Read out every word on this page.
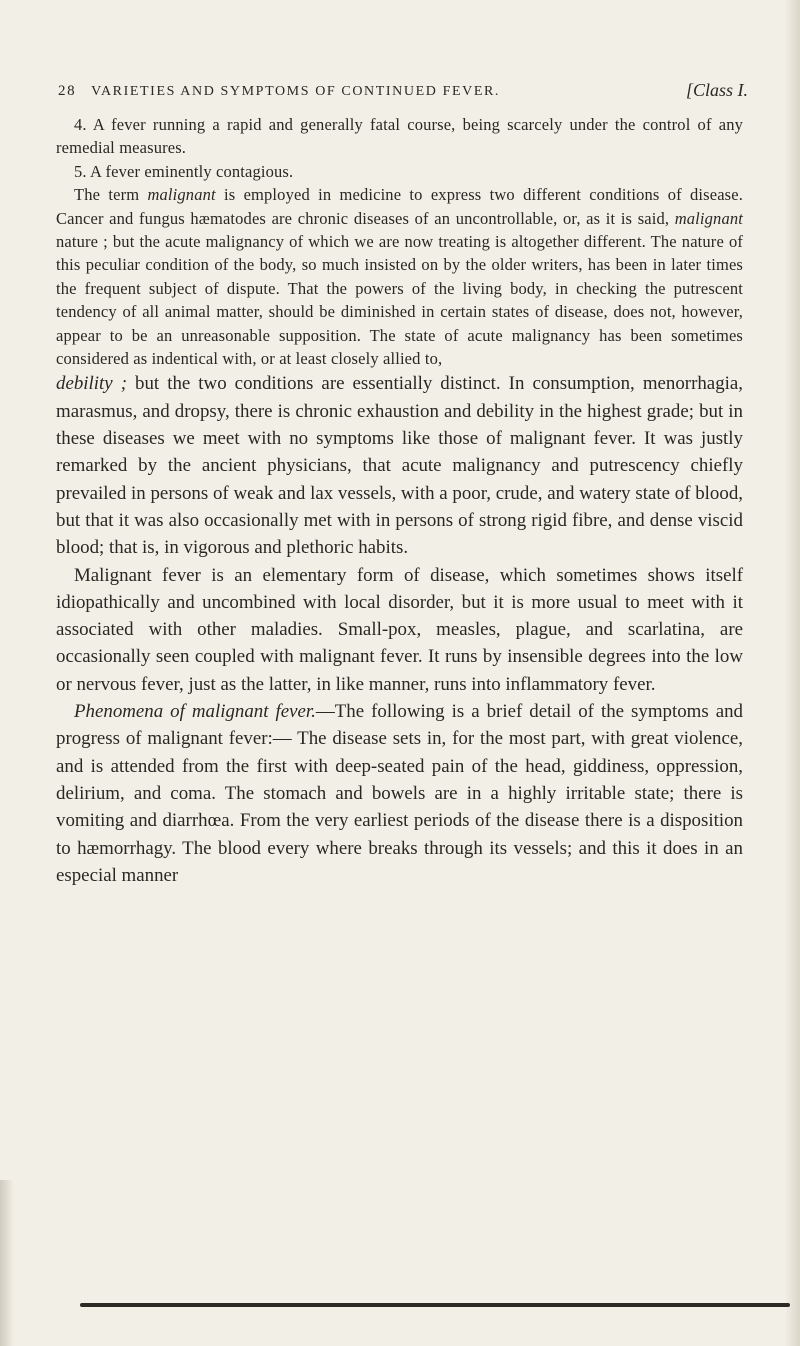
28 VARIETIES AND SYMPTOMS OF CONTINUED FEVER.	[Class I.

4. A fever running a rapid and generally fatal course, being scarcely under the control of any remedial measures.

5. A fever eminently contagious.

The term malignant is employed in medicine to express two different conditions of disease. Cancer and fungus hæmatodes are chronic diseases of an uncontrollable, or, as it is said, malignant nature ; but the acute malignancy of which we are now treating is altogether different. The nature of this peculiar condition of the body, so much insisted on by the older writers, has been in later times the frequent subject of dispute. That the powers of the living body, in checking the putrescent tendency of all animal matter, should be diminished in certain states of disease, does not, however, appear to be an unreasonable supposition. The state of acute malignancy has been sometimes considered as indentical with, or at least closely allied to,

debility ; but the two conditions are essentially distinct. In consumption, menorrhagia, marasmus, and dropsy, there is chronic exhaustion and debility in the highest grade; but in these diseases we meet with no symptoms like those of malignant fever. It was justly remarked by the ancient physicians, that acute malignancy and putrescency chiefly prevailed in persons of weak and lax vessels, with a poor, crude, and watery state of blood, but that it was also occasionally met with in persons of strong rigid fibre, and dense viscid blood; that is, in vigorous and plethoric habits.

Malignant fever is an elementary form of disease, which sometimes shows itself idiopathically and uncombined with local disorder, but it is more usual to meet with it associated with other maladies. Small-pox, measles, plague, and scarlatina, are occasionally seen coupled with malignant fever. It runs by insensible degrees into the low or nervous fever, just as the latter, in like manner, runs into inflammatory fever.

Phenomena of malignant fever.—The following is a brief detail of the symptoms and progress of malignant fever:— The disease sets in, for the most part, with great violence, and is attended from the first with deep-seated pain of the head, giddiness, oppression, delirium, and coma. The stomach and bowels are in a highly irritable state; there is vomiting and diarrhœa. From the very earliest periods of the disease there is a disposition to hæmorrhagy. The blood every where breaks through its vessels; and this it does in an especial manner
